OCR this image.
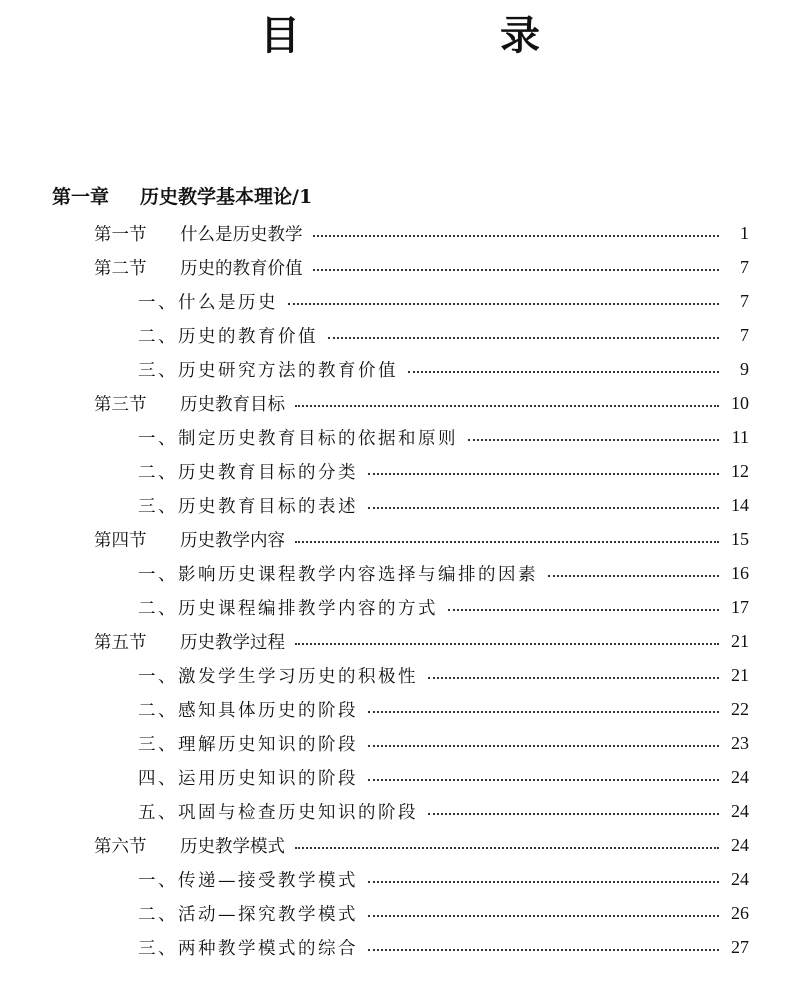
目　录
第一章 历史教学基本理论/1
第一节	什么是历史教学	1
第二节	历史的教育价值	7
一、什么是历史	7
二、历史的教育价值	7
三、历史研究方法的教育价值	9
第三节	历史教育目标	10
一、制定历史教育目标的依据和原则	11
二、历史教育目标的分类	12
三、历史教育目标的表述	14
第四节	历史教学内容	15
一、影响历史课程教学内容选择与编排的因素	16
二、历史课程编排教学内容的方式	17
第五节	历史教学过程	21
一、激发学生学习历史的积极性	21
二、感知具体历史的阶段	22
三、理解历史知识的阶段	23
四、运用历史知识的阶段	24
五、巩固与检查历史知识的阶段	24
第六节	历史教学模式	24
一、传递—接受教学模式	24
二、活动—探究教学模式	26
三、两种教学模式的综合	27
